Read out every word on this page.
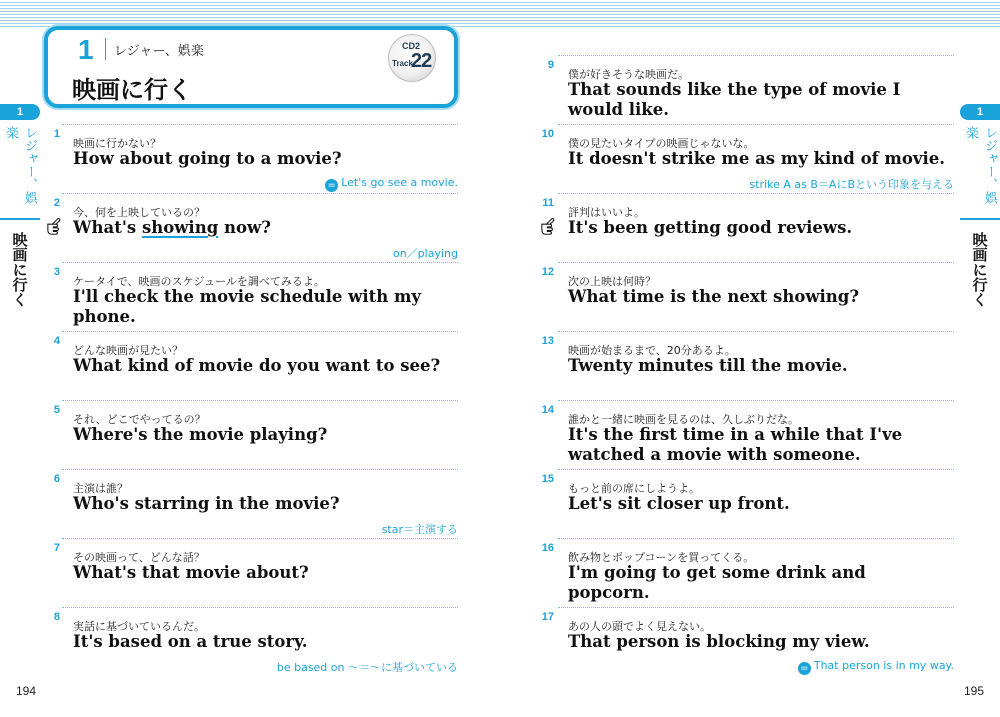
1 レジャー、娯楽
映画に行く
CD2
Track
22
1
レジャー、娯楽
映画に行く
1
映画に行かない？
How about going to a movie?
= Let's go see a movie.
2
今、何を上映しているの？
What's showing now?
on／playing
3
ケータイで、映画のスケジュールを調べてみるよ。
I'll check the movie schedule with my phone.
4
どんな映画が見たい？
What kind of movie do you want to see?
5
それ、どこでやってるの？
Where's the movie playing?
6
主演は誰？
Who's starring in the movie?
star＝主演する
7
その映画って、どんな話？
What's that movie about?
8
実話に基づいているんだ。
It's based on a true story.
be based on 〜＝〜に基づいている
194
1
レジャー、娯楽
映画に行く
9
僕が好きそうな映画だ。
That sounds like the type of movie I would like.
10
僕の見たいタイプの映画じゃないな。
It doesn't strike me as my kind of movie.
strike A as B＝AにBという印象を与える
11
評判はいいよ。
It's been getting good reviews.
12
次の上映は何時？
What time is the next showing?
13
映画が始まるまで、20分あるよ。
Twenty minutes till the movie.
14
誰かと一緒に映画を見るのは、久しぶりだな。
It's the first time in a while that I've watched a movie with someone.
15
もっと前の席にしようよ。
Let's sit closer up front.
16
飲み物とポップコーンを買ってくる。
I'm going to get some drink and popcorn.
17
あの人の頭でよく見えない。
That person is blocking my view.
= That person is in my way.
195
